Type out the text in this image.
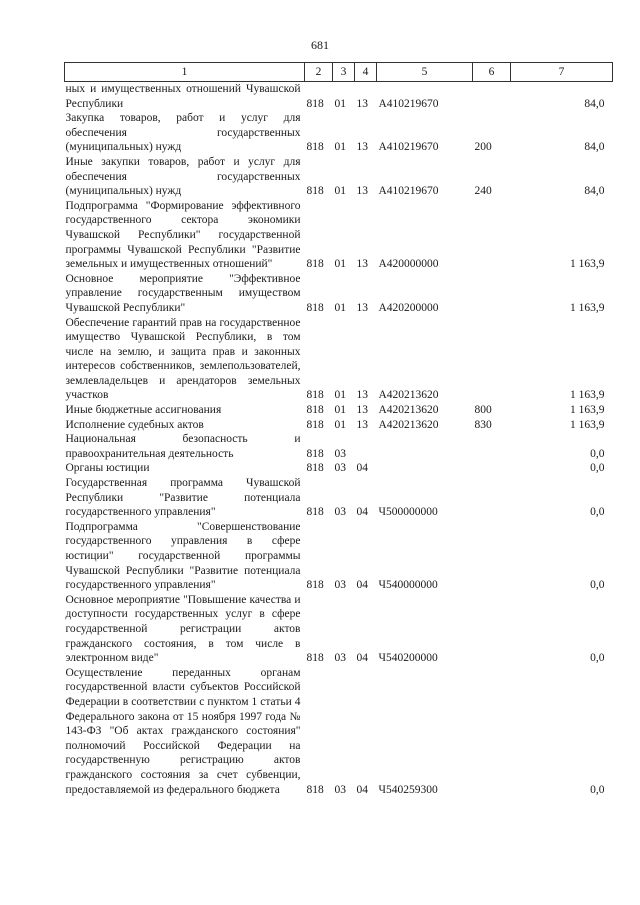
681
1	2	3	4	5	6	7
ных и имущественных отношений Чувашской Республики	818	01	13	А410219670		84,0
Закупка товаров, работ и услуг для обеспечения государственных (муниципальных) нужд	818	01	13	А410219670	200	84,0
Иные закупки товаров, работ и услуг для обеспечения государственных (муниципальных) нужд	818	01	13	А410219670	240	84,0
Подпрограмма "Формирование эффективного государственного сектора экономики Чувашской Республики" государственной программы Чувашской Республики "Развитие земельных и имущественных отношений"	818	01	13	А420000000		1 163,9
Основное мероприятие "Эффективное управление государственным имуществом Чувашской Республики"	818	01	13	А420200000		1 163,9
Обеспечение гарантий прав на государственное имущество Чувашской Республики, в том числе на землю, и защита прав и законных интересов собственников, землепользователей, землевладельцев и арендаторов земельных участков	818	01	13	А420213620		1 163,9
Иные бюджетные ассигнования	818	01	13	А420213620	800	1 163,9
Исполнение судебных актов	818	01	13	А420213620	830	1 163,9
Национальная безопасность и правоохранительная деятельность	818	03				0,0
Органы юстиции	818	03	04			0,0
Государственная программа Чувашской Республики "Развитие потенциала государственного управления"	818	03	04	Ч500000000		0,0
Подпрограмма "Совершенствование государственного управления в сфере юстиции" государственной программы Чувашской Республики "Развитие потенциала государственного управления"	818	03	04	Ч540000000		0,0
Основное мероприятие "Повышение качества и доступности государственных услуг в сфере государственной регистрации актов гражданского состояния, в том числе в электронном виде"	818	03	04	Ч540200000		0,0
Осуществление переданных органам государственной власти субъектов Российской Федерации в соответствии с пунктом 1 статьи 4 Федерального закона от 15 ноября 1997 года № 143-ФЗ "Об актах гражданского состояния" полномочий Российской Федерации на государственную регистрацию актов гражданского состояния за счет субвенции, предоставляемой из федерального бюджета	818	03	04	Ч540259300		0,0
